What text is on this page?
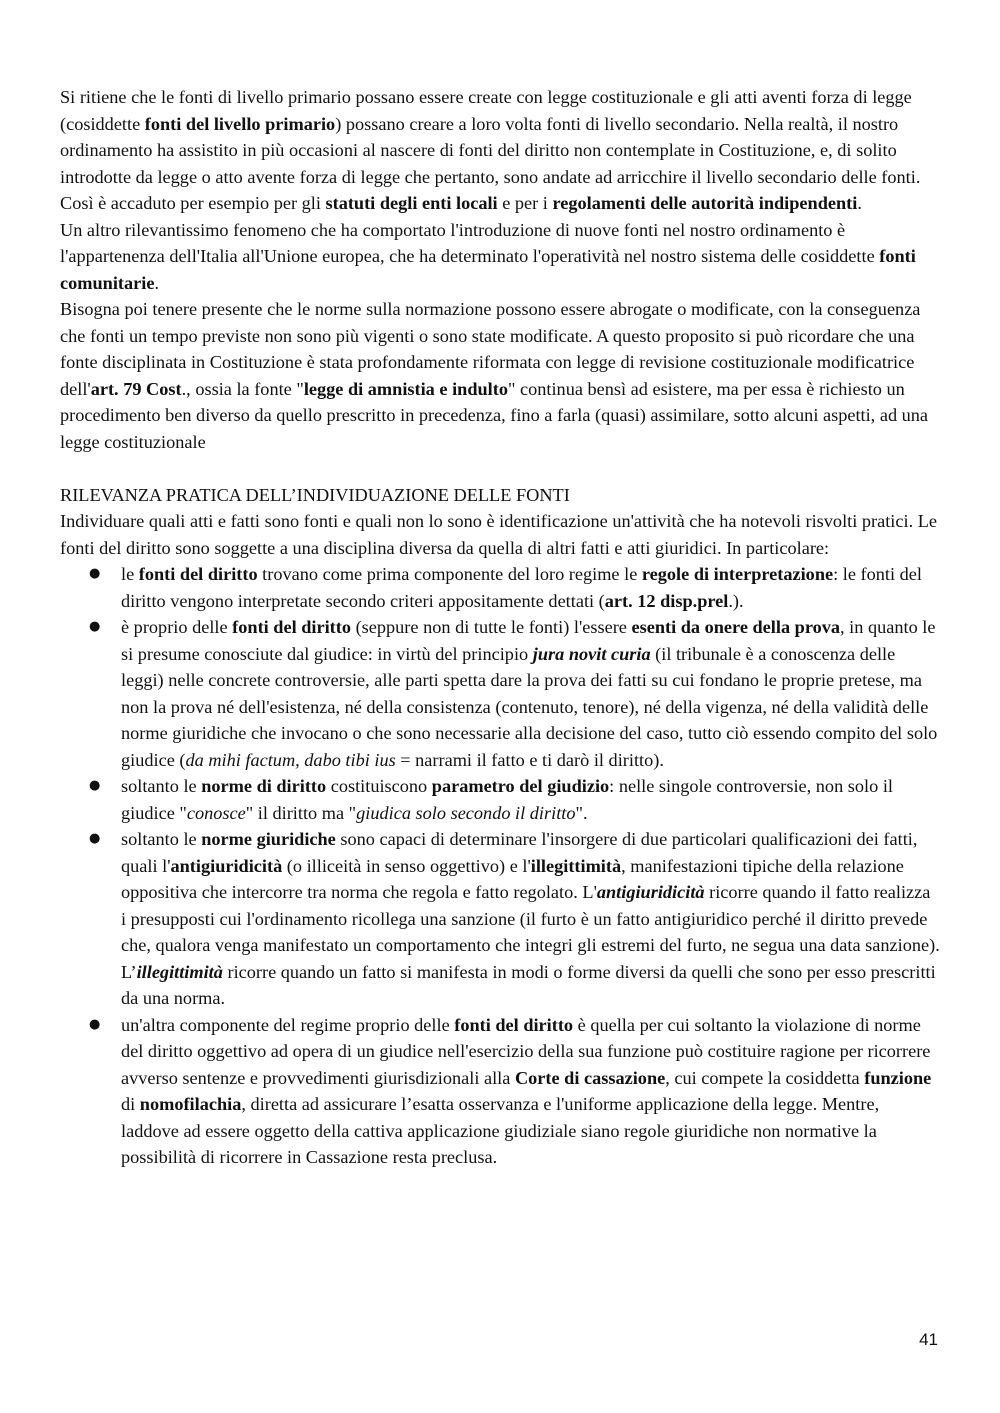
Si ritiene che le fonti di livello primario possano essere create con legge costituzionale e gli atti aventi forza di legge (cosiddette fonti del livello primario) possano creare a loro volta fonti di livello secondario. Nella realtà, il nostro ordinamento ha assistito in più occasioni al nascere di fonti del diritto non contemplate in Costituzione, e, di solito introdotte da legge o atto avente forza di legge che pertanto, sono andate ad arricchire il livello secondario delle fonti. Così è accaduto per esempio per gli statuti degli enti locali e per i regolamenti delle autorità indipendenti.

Un altro rilevantissimo fenomeno che ha comportato l'introduzione di nuove fonti nel nostro ordinamento è l'appartenenza dell'Italia all'Unione europea, che ha determinato l'operatività nel nostro sistema delle cosiddette fonti comunitarie.

Bisogna poi tenere presente che le norme sulla normazione possono essere abrogate o modificate, con la conseguenza che fonti un tempo previste non sono più vigenti o sono state modificate. A questo proposito si può ricordare che una fonte disciplinata in Costituzione è stata profondamente riformata con legge di revisione costituzionale modificatrice dell'art. 79 Cost., ossia la fonte "legge di amnistia e indulto" continua bensì ad esistere, ma per essa è richiesto un procedimento ben diverso da quello prescritto in precedenza, fino a farla (quasi) assimilare, sotto alcuni aspetti, ad una legge costituzionale

RILEVANZA PRATICA DELL’INDIVIDUAZIONE DELLE FONTI

Individuare quali atti e fatti sono fonti e quali non lo sono è identificazione un'attività che ha notevoli risvolti pratici. Le fonti del diritto sono soggette a una disciplina diversa da quella di altri fatti e atti giuridici. In particolare:

● le fonti del diritto trovano come prima componente del loro regime le regole di interpretazione: le fonti del diritto vengono interpretate secondo criteri appositamente dettati (art. 12 disp.prel.).
● è proprio delle fonti del diritto (seppure non di tutte le fonti) l'essere esenti da onere della prova, in quanto le si presume conosciute dal giudice: in virtù del principio jura novit curia (il tribunale è a conoscenza delle leggi) nelle concrete controversie, alle parti spetta dare la prova dei fatti su cui fondano le proprie pretese, ma non la prova né dell'esistenza, né della consistenza (contenuto, tenore), né della vigenza, né della validità delle norme giuridiche che invocano o che sono necessarie alla decisione del caso, tutto ciò essendo compito del solo giudice (da mihi factum, dabo tibi ius = narrami il fatto e ti darò il diritto).
● soltanto le norme di diritto costituiscono parametro del giudizio: nelle singole controversie, non solo il giudice "conosce" il diritto ma "giudica solo secondo il diritto".
● soltanto le norme giuridiche sono capaci di determinare l'insorgere di due particolari qualificazioni dei fatti, quali l'antigiuridicità (o illiceità in senso oggettivo) e l'illegittimità, manifestazioni tipiche della relazione oppositiva che intercorre tra norma che regola e fatto regolato. L'antigiuridicità ricorre quando il fatto realizza i presupposti cui l'ordinamento ricollega una sanzione (il furto è un fatto antigiuridico perché il diritto prevede che, qualora venga manifestato un comportamento che integri gli estremi del furto, ne segua una data sanzione). L’illegittimità ricorre quando un fatto si manifesta in modi o forme diversi da quelli che sono per esso prescritti da una norma.
● un'altra componente del regime proprio delle fonti del diritto è quella per cui soltanto la violazione di norme del diritto oggettivo ad opera di un giudice nell'esercizio della sua funzione può costituire ragione per ricorrere avverso sentenze e provvedimenti giurisdizionali alla Corte di cassazione, cui compete la cosiddetta funzione di nomofilachia, diretta ad assicurare l’esatta osservanza e l'uniforme applicazione della legge. Mentre, laddove ad essere oggetto della cattiva applicazione giudiziale siano regole giuridiche non normative la possibilità di ricorrere in Cassazione resta preclusa.
41
